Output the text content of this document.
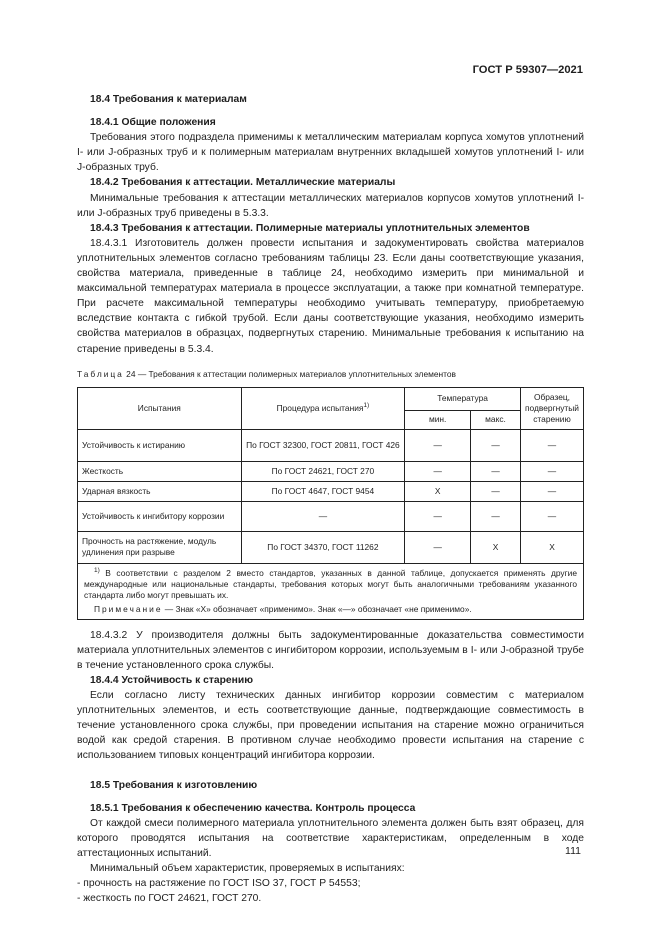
ГОСТ Р 59307—2021

18.4 Требования к материалам

18.4.1 Общие положения

Требования этого подраздела применимы к металлическим материалам корпуса хомутов уплотнений I- или J-образных труб и к полимерным материалам внутренних вкладышей хомутов уплотнений I- или J-образных труб.

18.4.2 Требования к аттестации. Металлические материалы

Минимальные требования к аттестации металлических материалов корпусов хомутов уплотнений I- или J-образных труб приведены в 5.3.3.

18.4.3 Требования к аттестации. Полимерные материалы уплотнительных элементов

18.4.3.1 Изготовитель должен провести испытания и задокументировать свойства материалов уплотнительных элементов согласно требованиям таблицы 23. Если даны соответствующие указания, свойства материала, приведенные в таблице 24, необходимо измерить при минимальной и максимальной температурах материала в процессе эксплуатации, а также при комнатной температуре. При расчете максимальной температуры необходимо учитывать температуру, приобретаемую вследствие контакта с гибкой трубой. Если даны соответствующие указания, необходимо измерить свойства материалов в образцах, подвергнутых старению. Минимальные требования к испытанию на старение приведены в 5.3.4.

Таблица 24 — Требования к аттестации полимерных материалов уплотнительных элементов
Испытания	Процедура испытания$^{1)}$	Температура		Образец, подвергнутый старению
		мин.	макс.	
Устойчивость к истиранию	По ГОСТ 32300, ГОСТ 20811, ГОСТ 426	—	—	—
Жесткость	По ГОСТ 24621, ГОСТ 270	—	—	—
Ударная вязкость	По ГОСТ 4647, ГОСТ 9454	X	—	—
Устойчивость к ингибитору коррозии	—	—	—	—
Прочность на растяжение, модуль удлинения при разрыве	По ГОСТ 34370, ГОСТ 11262	—	X	X

$^{1)}$ В соответствии с разделом 2 вместо стандартов, указанных в данной таблице, допускается применять другие международные или национальные стандарты, требования которых могут быть аналогичными требованиям указанного стандарта либо могут превышать их.

Примечание — Знак «X» обозначает «применимо». Знак «—» обозначает «не применимо».				

18.4.3.2 У производителя должны быть задокументированные доказательства совместимости материала уплотнительных элементов с ингибитором коррозии, используемым в I- или J-образной трубе в течение установленного срока службы.

18.4.4 Устойчивость к старению

Если согласно листу технических данных ингибитор коррозии совместим с материалом уплотнительных элементов, и есть соответствующие данные, подтверждающие совместимость в течение установленного срока службы, при проведении испытания на старение можно ограничиться водой как средой старения. В противном случае необходимо провести испытания на старение с использованием типовых концентраций ингибитора коррозии.

18.5 Требования к изготовлению

18.5.1 Требования к обеспечению качества. Контроль процесса

От каждой смеси полимерного материала уплотнительного элемента должен быть взят образец, для которого проводятся испытания на соответствие характеристикам, определенным в ходе аттестационных испытаний.

Минимальный объем характеристик, проверяемых в испытаниях:

- прочность на растяжение по ГОСТ ISO 37, ГОСТ Р 54553;

- жесткость по ГОСТ 24621, ГОСТ 270.

111
